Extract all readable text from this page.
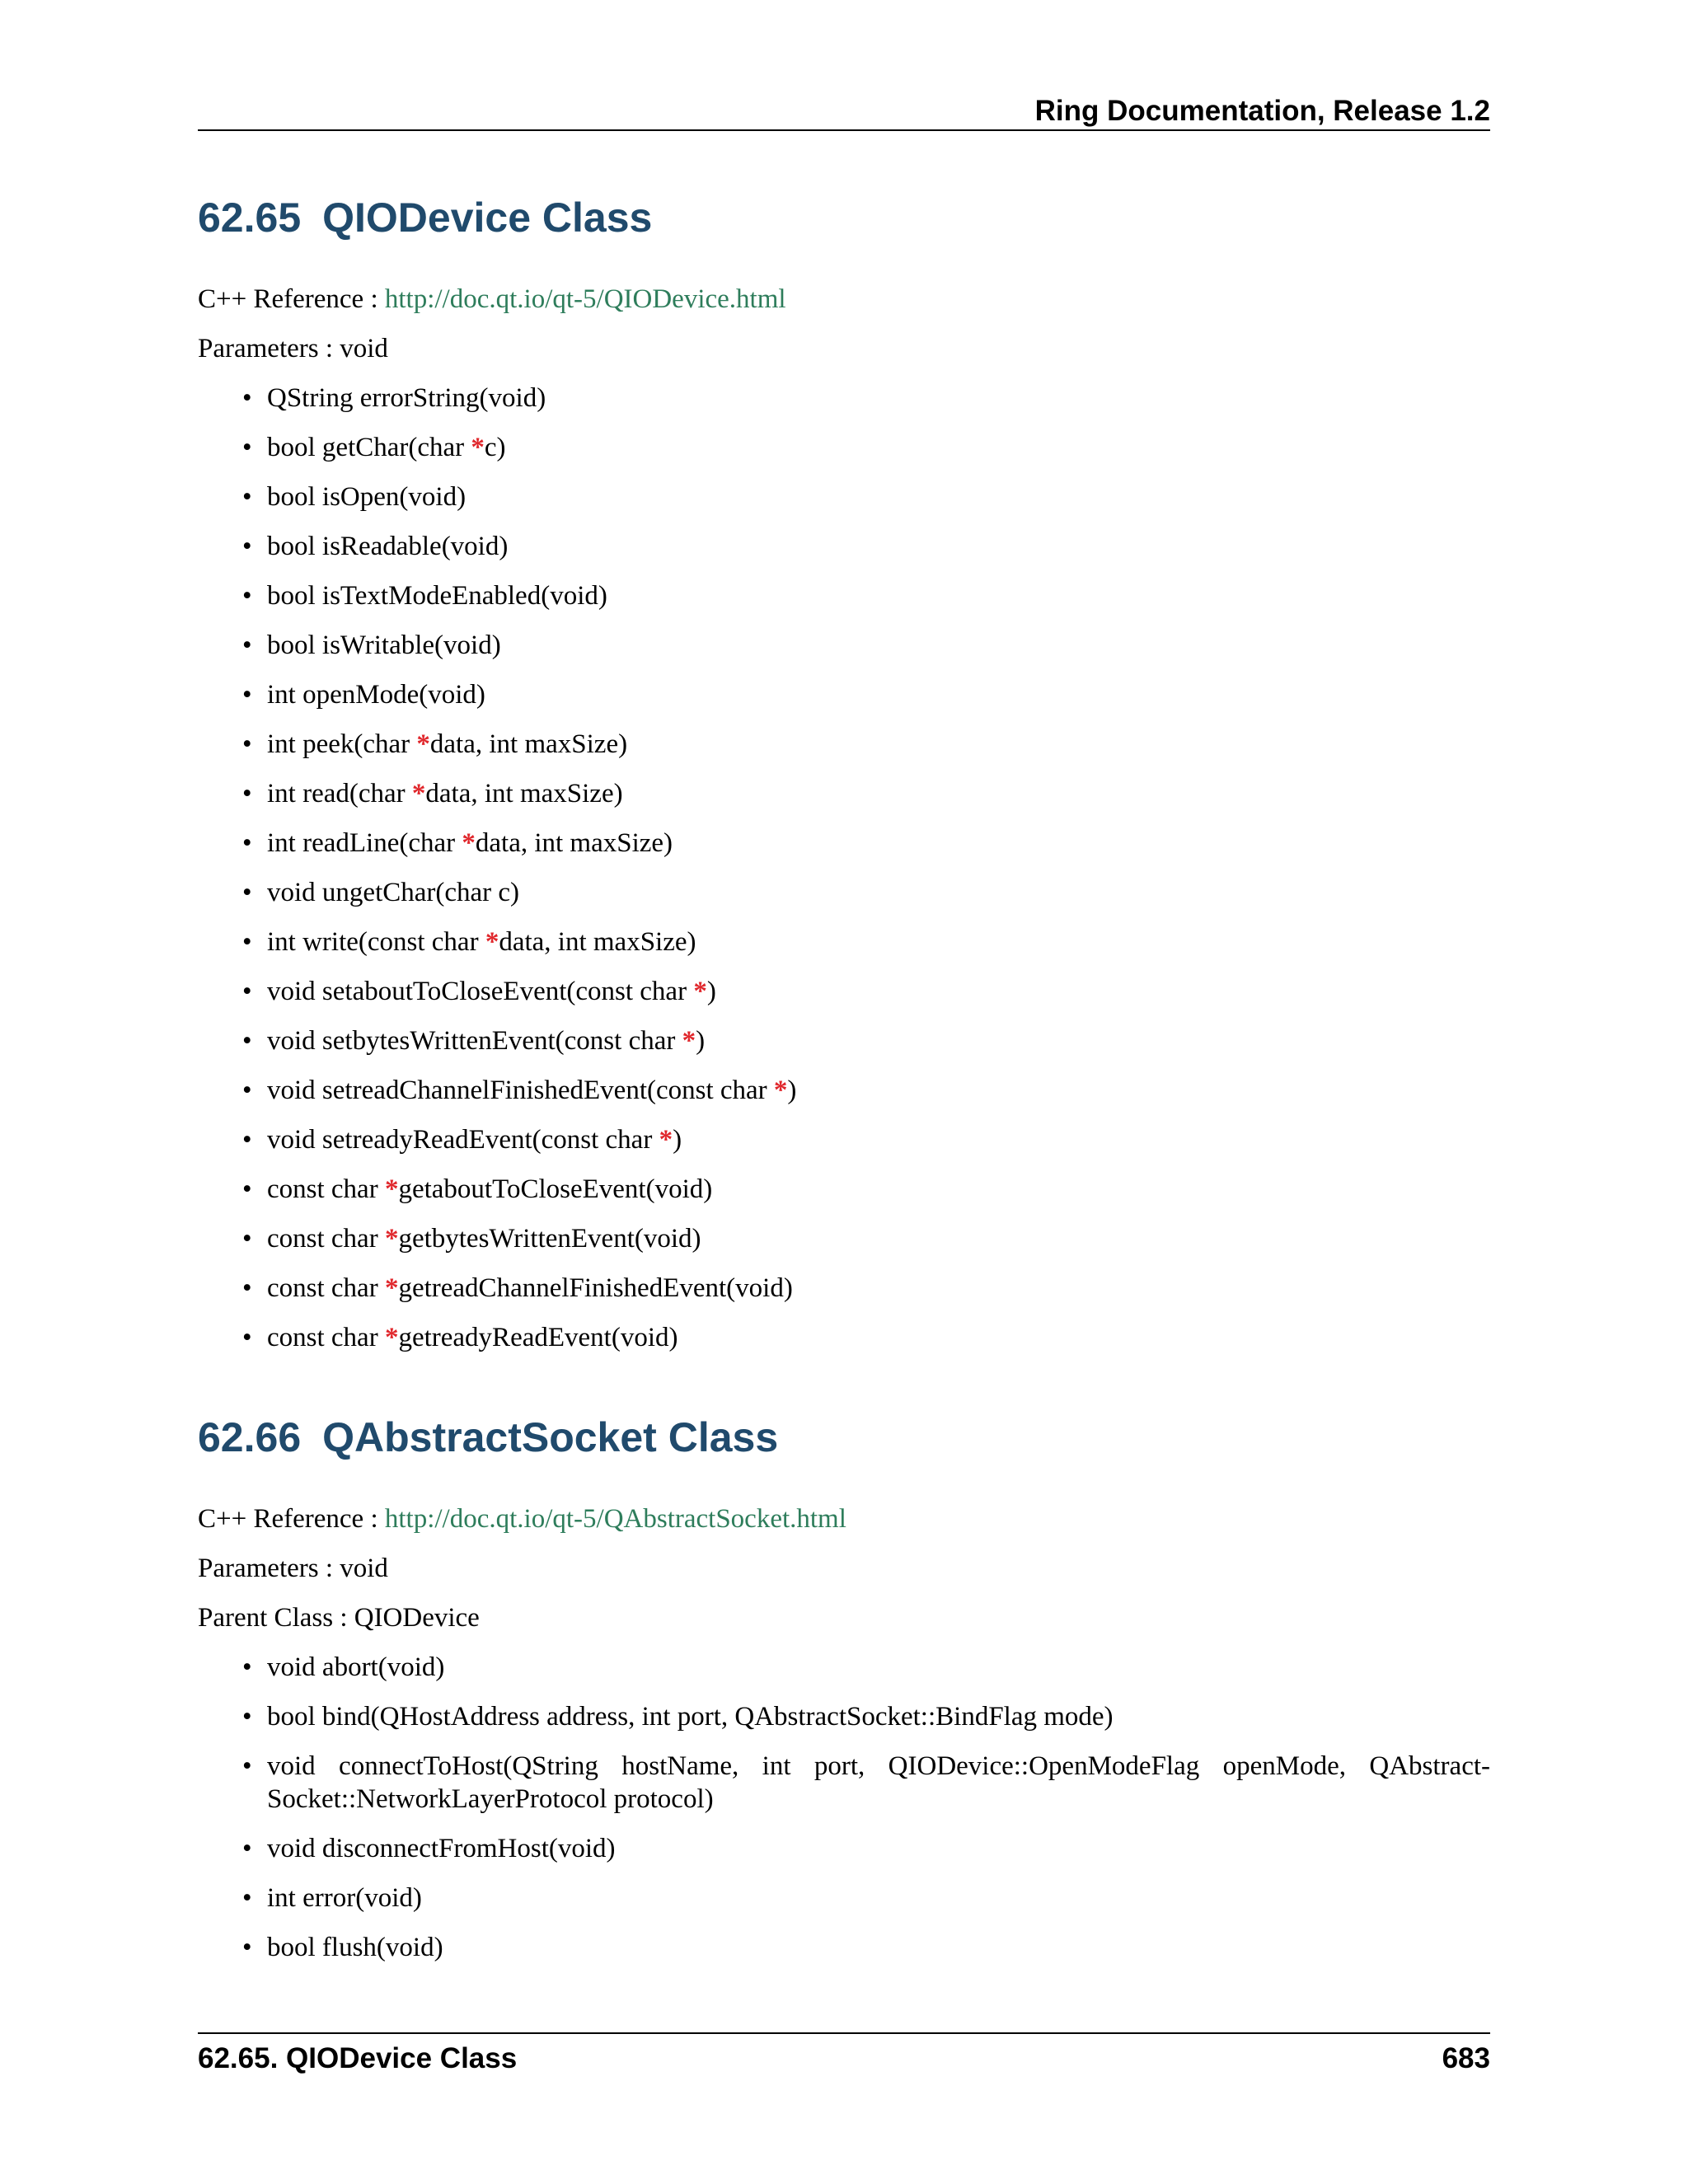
Ring Documentation, Release 1.2
62.65 QIODevice Class

C++ Reference : http://doc.qt.io/qt-5/QIODevice.html

Parameters : void

• QString errorString(void)
• bool getChar(char *c)
• bool isOpen(void)
• bool isReadable(void)
• bool isTextModeEnabled(void)
• bool isWritable(void)
• int openMode(void)
• int peek(char *data, int maxSize)
• int read(char *data, int maxSize)
• int readLine(char *data, int maxSize)
• void ungetChar(char c)
• int write(const char *data, int maxSize)
• void setaboutToCloseEvent(const char *)
• void setbytesWrittenEvent(const char *)
• void setreadChannelFinishedEvent(const char *)
• void setreadyReadEvent(const char *)
• const char *getaboutToCloseEvent(void)
• const char *getbytesWrittenEvent(void)
• const char *getreadChannelFinishedEvent(void)
• const char *getreadyReadEvent(void)
62.66 QAbstractSocket Class

C++ Reference : http://doc.qt.io/qt-5/QAbstractSocket.html

Parameters : void

Parent Class : QIODevice

• void abort(void)
• bool bind(QHostAddress address, int port, QAbstractSocket::BindFlag mode)
• void connectToHost(QString hostName, int port, QIODevice::OpenModeFlag openMode, QAbstract-Socket::NetworkLayerProtocol protocol)
• void disconnectFromHost(void)
• int error(void)
• bool flush(void)
62.65. QIODevice Class	683
